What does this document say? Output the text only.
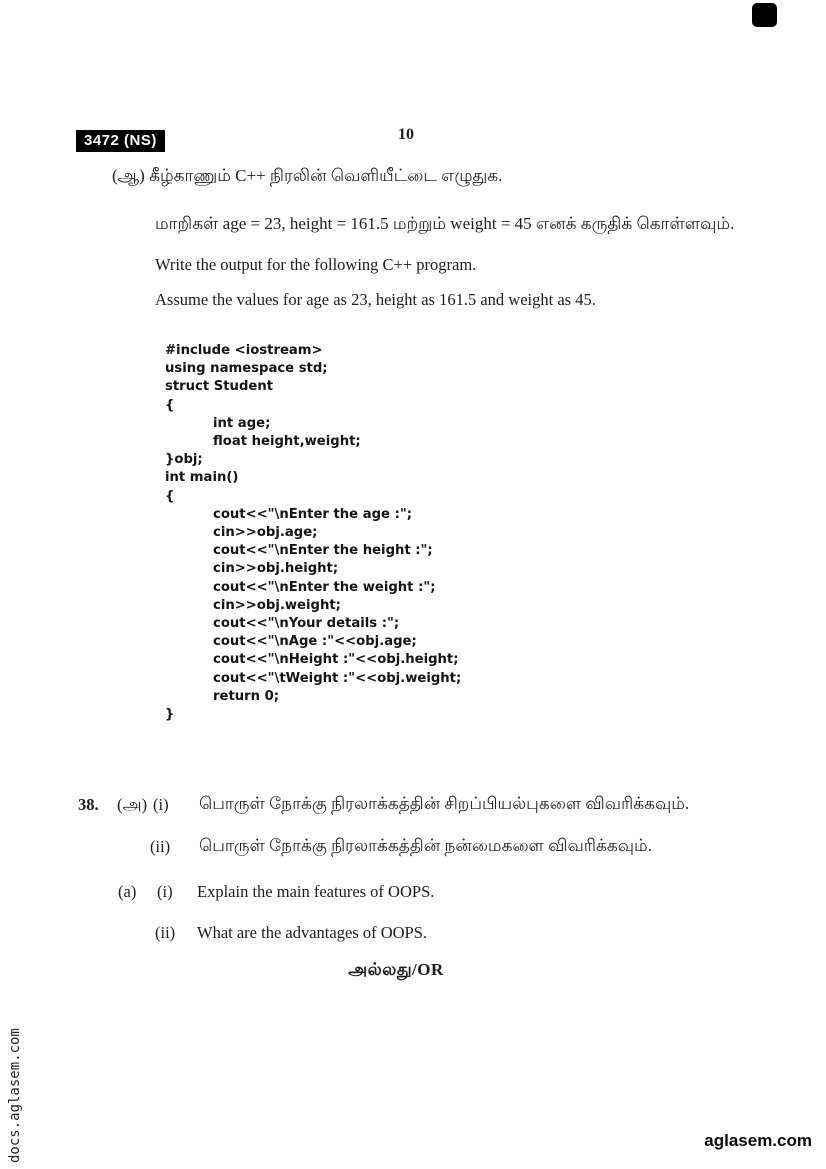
3472 (NS)	10
(ஆ) கீழ்காணும் C++ நிரலின் வெளியீட்டை எழுதுக.
மாறிகள் age = 23, height = 161.5 மற்றும் weight = 45 எனக் கருதிக் கொள்ளவும்.
Write the output for the following C++ program.
Assume the values for age as 23, height as 161.5 and weight as 45.
#include <iostream>
using namespace std;
struct Student
{
int age;
float height,weight;
}obj;
int main()
{
cout<<"\nEnter the age :";
cin>>obj.age;
cout<<"\nEnter the height :";
cin>>obj.height;
cout<<"\nEnter the weight :";
cin>>obj.weight;
cout<<"\nYour details :";
cout<<"\nAge :"<<obj.age;
cout<<"\nHeight :"<<obj.height;
cout<<"\tWeight :"<<obj.weight;
return 0;
}
38. (அ) (i) பொருள் நோக்கு நிரலாக்கத்தின் சிறப்பியல்புகளை விவரிக்கவும்.
(ii) பொருள் நோக்கு நிரலாக்கத்தின் நன்மைகளை விவரிக்கவும்.
(a) (i) Explain the main features of OOPS.
(ii) What are the advantages of OOPS.
அல்லது/OR
docs.aglasem.com	aglasem.com
